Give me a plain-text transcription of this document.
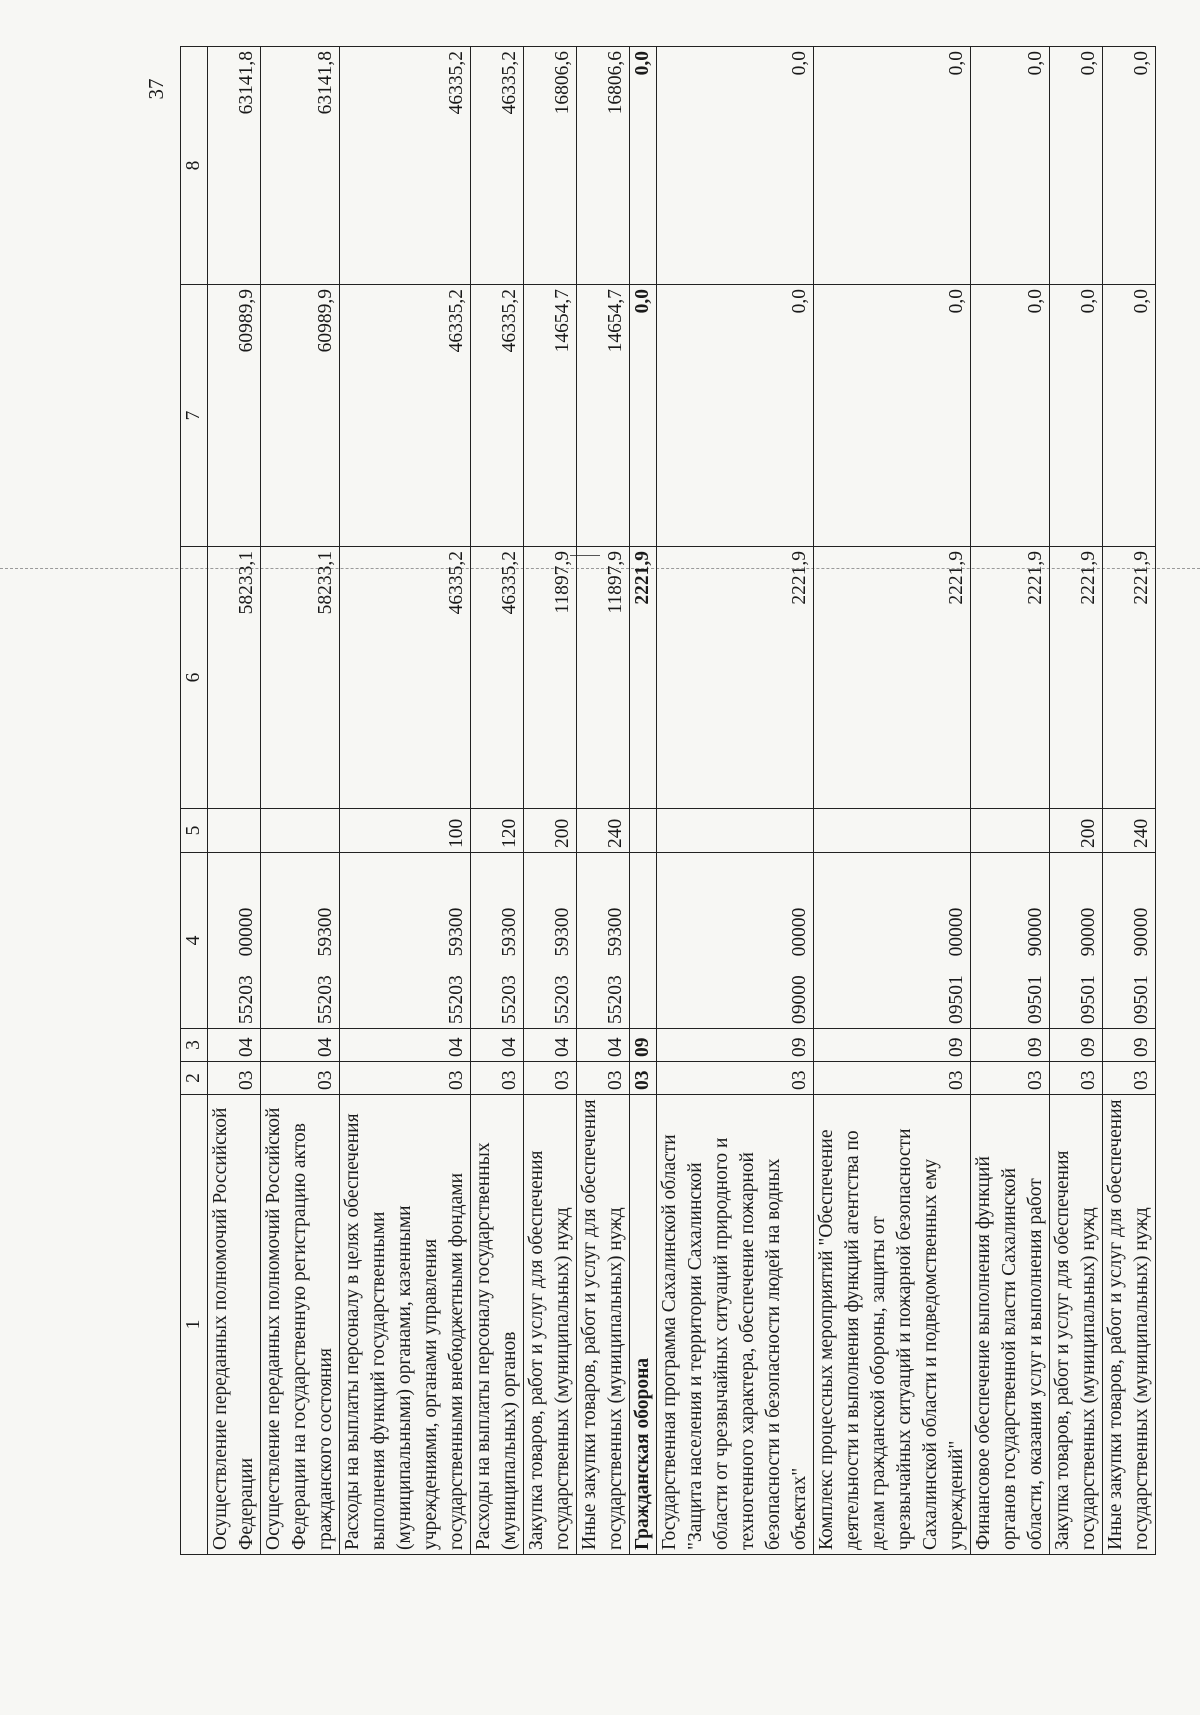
37
1	2	3	4	5	6	7	8
Осуществление переданных полномочий Российской Федерации	03	04	55203 00000		58233,1	60989,9	63141,8
Осуществление переданных полномочий Российской Федерации на государственную регистрацию актов гражданского состояния	03	04	55203 59300		58233,1	60989,9	63141,8
Расходы на выплаты персоналу в целях обеспечения выполнения функций государственными (муниципальными) органами, казенными учреждениями, органами управления государственными внебюджетными фондами	03	04	55203 59300	100	46335,2	46335,2	46335,2
Расходы на выплаты персоналу государственных (муниципальных) органов	03	04	55203 59300	120	46335,2	46335,2	46335,2
Закупка товаров, работ и услуг для обеспечения государственных (муниципальных) нужд	03	04	55203 59300	200	11897,9	14654,7	16806,6
Иные закупки товаров, работ и услуг для обеспечения государственных (муниципальных) нужд	03	04	55203 59300	240	11897,9	14654,7	16806,6
Гражданская оборона	03	09			2221,9	0,0	0,0
Государственная программа Сахалинской области "Защита населения и территории Сахалинской области от чрезвычайных ситуаций природного и техногенного характера, обеспечение пожарной безопасности и безопасности людей на водных объектах"	03	09	09000 00000		2221,9	0,0	0,0
Комплекс процессных мероприятий "Обеспечение деятельности и выполнения функций агентства по делам гражданской обороны, защиты от чрезвычайных ситуаций и пожарной безопасности Сахалинской области и подведомственных ему учреждений"	03	09	09501 00000		2221,9	0,0	0,0
Финансовое обеспечение выполнения функций органов государственной власти Сахалинской области, оказания услуг и выполнения работ	03	09	09501 90000		2221,9	0,0	0,0
Закупка товаров, работ и услуг для обеспечения государственных (муниципальных) нужд	03	09	09501 90000	200	2221,9	0,0	0,0
Иные закупки товаров, работ и услуг для обеспечения государственных (муниципальных) нужд	03	09	09501 90000	240	2221,9	0,0	0,0
